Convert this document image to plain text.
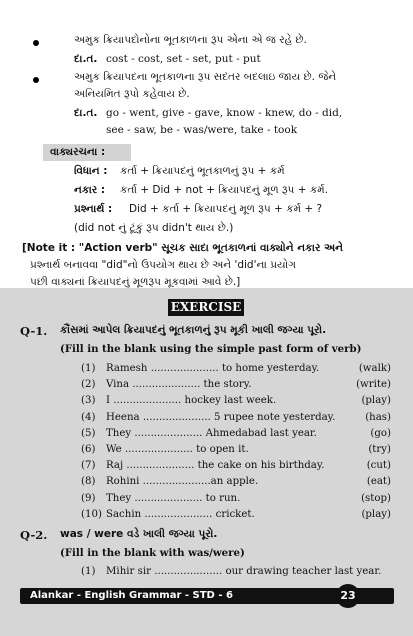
અમુક ક્રિયાપદોનોના ભૂતકાળના રૂપ એના એ જ રહે છે.
દા.ત. cost - cost, set - set, put - put
અમુક ક્રિયાપદના ભૂતકાળના રૂપ સદંતર બદલાઇ જાય છે. જેને
અનિયમિત રૂપો કહેવાય છે.
દા.ત. go - went, give - gave, know - knew, do - did,
see - saw, be - was/were, take - took
વાક્યરચના :
વિધાન : કર્તા + ક્રિયાપદનું ભૂતકાળનું રૂપ + કર્મ
નકાર : કર્તા + Did + not + ક્રિયાપદનું મૂળ રૂપ + કર્મ.
પ્રશ્નાર્થ : Did + કર્તા + ક્રિયાપદનું મૂળ રૂપ + કર્મ + ?
(did not નું ટૂંકું રૂપ didn't થાય છે.)
[Note it : "Action verb" સૂચક સાદા ભૂતકાળનાં વાક્યોને નકાર અને
પ્રશ્નાર્થ બનાવવા "did"નો ઉપયોગ થાય છે અને 'did'ના પ્રયોગ
પછી વાક્યનાં ક્રિયાપદનું મૂળરૂપ મૂકવામાં આવે છે.]
EXERCISE
Q-1. કૌંસમાં આપેલ ક્રિયાપદનું ભૂતકાળનું રૂપ મૂકી ખાલી જગ્યા પૂરો.
(Fill in the blank using the simple past form of verb)
(1) Ramesh ..................... to home yesterday.	(walk)
(2) Vina ..................... the story.	(write)
(3) I ..................... hockey last week.	(play)
(4) Heena ..................... 5 rupee note yesterday.	(has)
(5) They ..................... Ahmedabad last year.	(go)
(6) We ..................... to open it.	(try)
(7) Raj ..................... the cake on his birthday.	(cut)
(8) Rohini .....................an apple.	(eat)
(9) They ..................... to run.	(stop)
(10) Sachin ..................... cricket.	(play)
Q-2. was / were વડે ખાલી જગ્યા પૂરો.
(Fill in the blank with was/were)
(1) Mihir sir ..................... our drawing teacher last year.
Alankar - English Grammar - STD - 6	23
